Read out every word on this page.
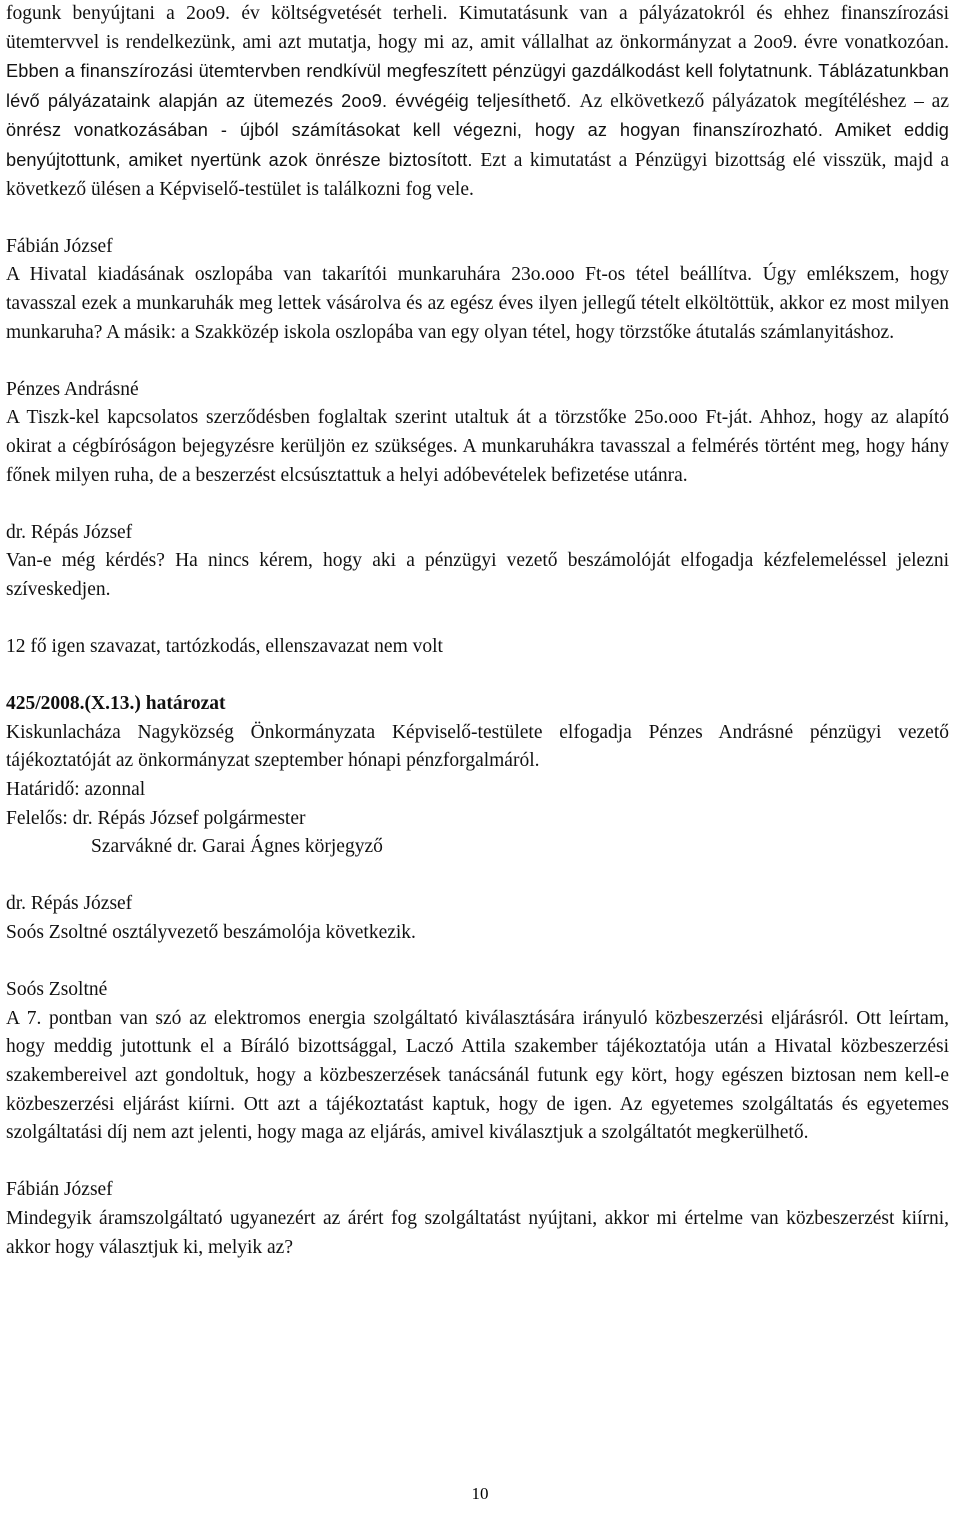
fogunk benyújtani a 2oo9. év költségvetését terheli. Kimutatásunk van a pályázatokról és ehhez finanszírozási ütemtervvel is rendelkezünk, ami azt mutatja, hogy mi az, amit vállalhat az önkormányzat a 2oo9. évre vonatkozóan. Ebben a finanszírozási ütemtervben rendkívül megfeszített pénzügyi gazdálkodást kell folytatnunk. Táblázatunkban lévő pályázataink alapján az ütemezés 2oo9. évvégéig teljesíthető. Az elkövetkező pályázatok megítéléshez – az önrész vonatkozásában - újból számításokat kell végezni, hogy az hogyan finanszírozható. Amiket eddig benyújtottunk, amiket nyertünk azok önrésze biztosított. Ezt a kimutatást a Pénzügyi bizottság elé visszük, majd a következő ülésen a Képviselő-testület is találkozni fog vele.

Fábián József

A Hivatal kiadásának oszlopába van takarítói munkaruhára 23o.ooo Ft-os tétel beállítva. Úgy emlékszem, hogy tavasszal ezek a munkaruhák meg lettek vásárolva és az egész éves ilyen jellegű tételt elköltöttük, akkor ez most milyen munkaruha? A másik: a Szakközép iskola oszlopába van egy olyan tétel, hogy törzstőke átutalás számlanyitáshoz.

Pénzes Andrásné

A Tiszk-kel kapcsolatos szerződésben foglaltak szerint utaltuk át a törzstőke 25o.ooo Ft-ját. Ahhoz, hogy az alapító okirat a cégbíróságon bejegyzésre kerüljön ez szükséges. A munkaruhákra tavasszal a felmérés történt meg, hogy hány főnek milyen ruha, de a beszerzést elcsúsztattuk a helyi adóbevételek befizetése utánra.

dr. Répás József

Van-e még kérdés? Ha nincs kérem, hogy aki a pénzügyi vezető beszámolóját elfogadja kézfelemeléssel jelezni szíveskedjen.

12 fő igen szavazat, tartózkodás, ellenszavazat nem volt

425/2008.(X.13.) határozat

Kiskunlacháza Nagyközség Önkormányzata Képviselő-testülete elfogadja Pénzes Andrásné pénzügyi vezető tájékoztatóját az önkormányzat szeptember hónapi pénzforgalmáról.

Határidő: azonnal

Felelős: dr. Répás József polgármester

Szarvákné dr. Garai Ágnes körjegyző

dr. Répás József

Soós Zsoltné osztályvezető beszámolója következik.

Soós Zsoltné

A 7. pontban van szó az elektromos energia szolgáltató kiválasztására irányuló közbeszerzési eljárásról. Ott leírtam, hogy meddig jutottunk el a Bíráló bizottsággal, Laczó Attila szakember tájékoztatója után a Hivatal közbeszerzési szakembereivel azt gondoltuk, hogy a közbeszerzések tanácsánál futunk egy kört, hogy egészen biztosan nem kell-e közbeszerzési eljárást kiírni. Ott azt a tájékoztatást kaptuk, hogy de igen. Az egyetemes szolgáltatás és egyetemes szolgáltatási díj nem azt jelenti, hogy maga az eljárás, amivel kiválasztjuk a szolgáltatót megkerülhető.

Fábián József

Mindegyik áramszolgáltató ugyanezért az árért fog szolgáltatást nyújtani, akkor mi értelme van közbeszerzést kiírni, akkor hogy választjuk ki, melyik az?

10
